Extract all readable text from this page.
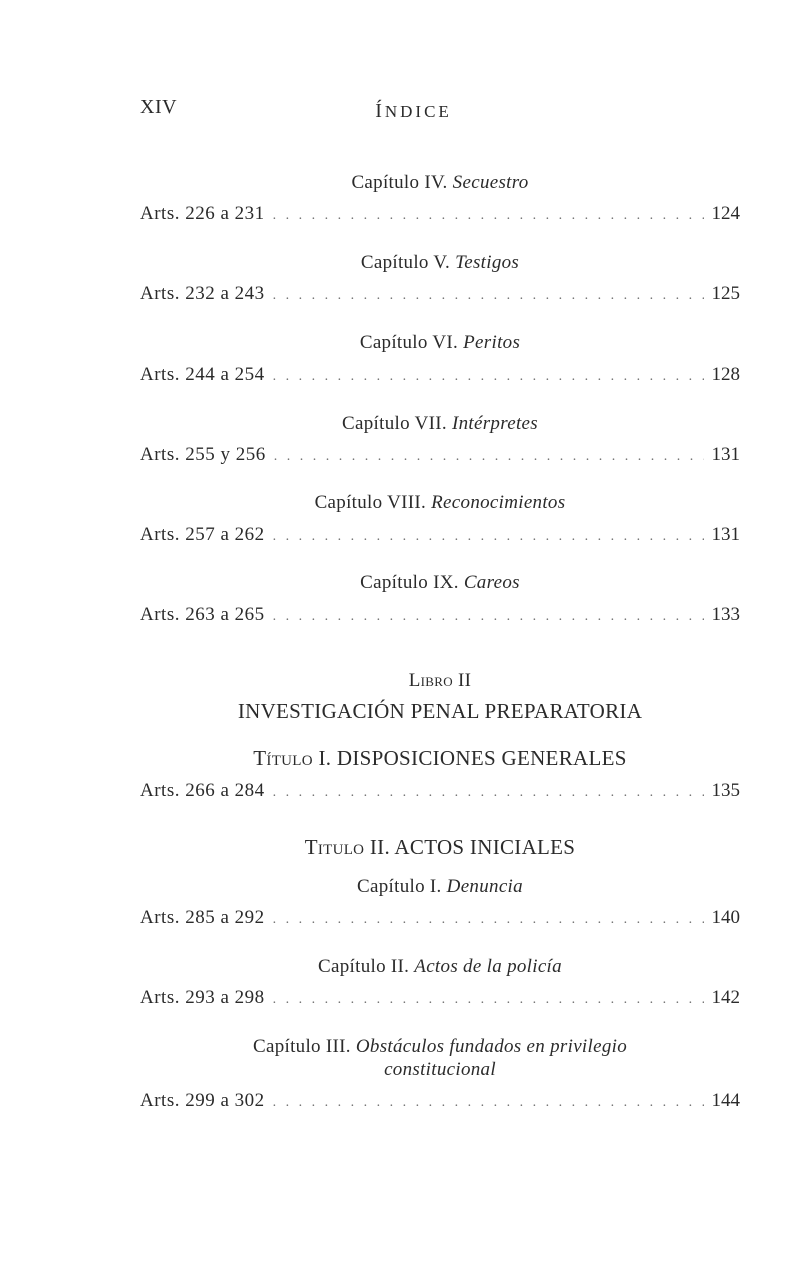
XIV	ÍNDICE
Capítulo IV. Secuestro
Arts. 226 a 231 . . .	124
Capítulo V. Testigos
Arts. 232 a 243 . . .	125
Capítulo VI. Peritos
Arts. 244 a 254 . . .	128
Capítulo VII. Intérpretes
Arts. 255 y 256 . . .	131
Capítulo VIII. Reconocimientos
Arts. 257 a 262 . . .	131
Capítulo IX. Careos
Arts. 263 a 265 . . .	133
Libro II
INVESTIGACIÓN PENAL PREPARATORIA
Título I. DISPOSICIONES GENERALES
Arts. 266 a 284 . . .	135
Titulo II. ACTOS INICIALES
Capítulo I. Denuncia
Arts. 285 a 292 . . .	140
Capítulo II. Actos de la policía
Arts. 293 a 298 . . .	142
Capítulo III. Obstáculos fundados en privilegio
constitucional
Arts. 299 a 302 . . .	144
